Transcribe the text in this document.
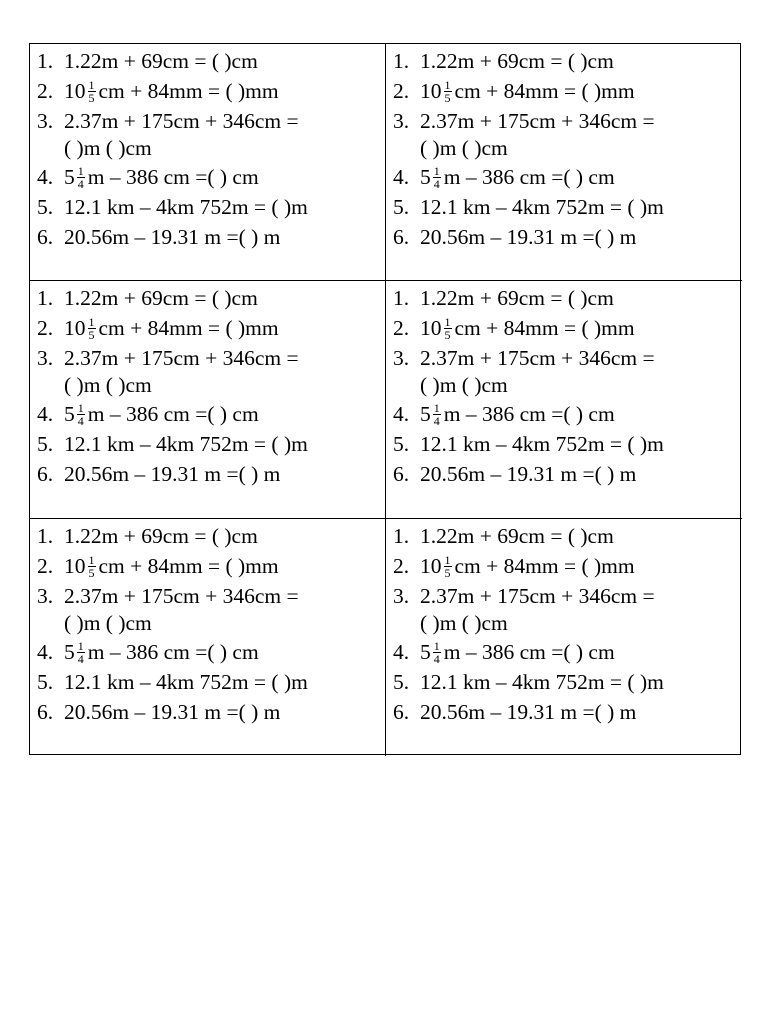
1. 1.22m + 69cm = ( )cm
2. $10 \frac{1}{5}$ cm + 84mm = ( )mm
3. 2.37m + 175cm + 346cm =
( )m ( )cm
4. $5 \frac{1}{4}$ m – 386 cm =( ) cm
5. 12.1 km – 4km 752m = ( )m
6. 20.56m – 19.31 m =( ) m
1. 1.22m + 69cm = ( )cm
2. $10 \frac{1}{5}$ cm + 84mm = ( )mm
3. 2.37m + 175cm + 346cm =
( )m ( )cm
4. $5 \frac{1}{4}$ m – 386 cm =( ) cm
5. 12.1 km – 4km 752m = ( )m
6. 20.56m – 19.31 m =( ) m
1. 1.22m + 69cm = ( )cm
2. $10 \frac{1}{5}$ cm + 84mm = ( )mm
3. 2.37m + 175cm + 346cm =
( )m ( )cm
4. $5 \frac{1}{4}$ m – 386 cm =( ) cm
5. 12.1 km – 4km 752m = ( )m
6. 20.56m – 19.31 m =( ) m
1. 1.22m + 69cm = ( )cm
2. $10 \frac{1}{5}$ cm + 84mm = ( )mm
3. 2.37m + 175cm + 346cm =
( )m ( )cm
4. $5 \frac{1}{4}$ m – 386 cm =( ) cm
5. 12.1 km – 4km 752m = ( )m
6. 20.56m – 19.31 m =( ) m
1. 1.22m + 69cm = ( )cm
2. $10 \frac{1}{5}$ cm + 84mm = ( )mm
3. 2.37m + 175cm + 346cm =
( )m ( )cm
4. $5 \frac{1}{4}$ m – 386 cm =( ) cm
5. 12.1 km – 4km 752m = ( )m
6. 20.56m – 19.31 m =( ) m
1. 1.22m + 69cm = ( )cm
2. $10 \frac{1}{5}$ cm + 84mm = ( )mm
3. 2.37m + 175cm + 346cm =
( )m ( )cm
4. $5 \frac{1}{4}$ m – 386 cm =( ) cm
5. 12.1 km – 4km 752m = ( )m
6. 20.56m – 19.31 m =( ) m
